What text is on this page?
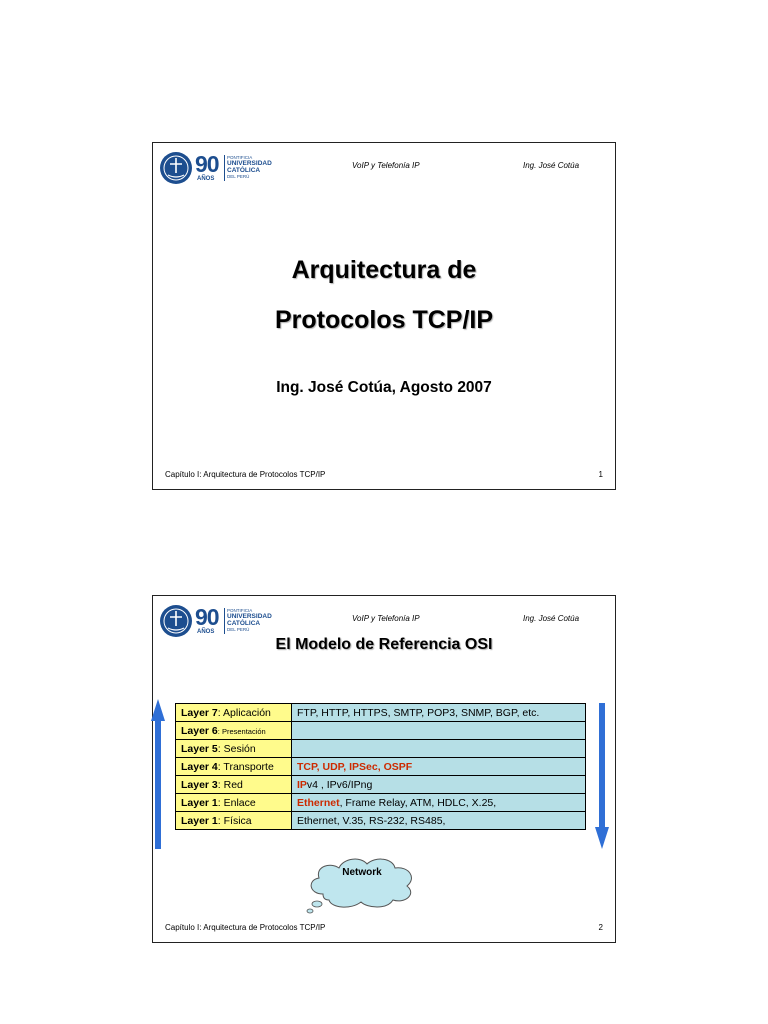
90
AÑOS
PONTIFICIA
UNIVERSIDAD
CATÓLICA
DEL PERÚ
VoIP y Telefonía IP	Ing. José Cotúa
Arquitectura de
Protocolos TCP/IP
Ing. José Cotúa, Agosto 2007
Capítulo I: Arquitectura de Protocolos TCP/IP	1
90
AÑOS
PONTIFICIA
UNIVERSIDAD
CATÓLICA
DEL PERÚ
VoIP y Telefonía IP	Ing. José Cotúa
El Modelo de Referencia OSI
Layer 7: Aplicación	FTP, HTTP, HTTPS, SMTP, POP3, SNMP, BGP, etc.
Layer 6: Presentación	
Layer 5: Sesión	
Layer 4: Transporte	TCP, UDP, IPSec, OSPF
Layer 3: Red	IPv4 , IPv6/IPng
Layer 1: Enlace	Ethernet, Frame Relay, ATM, HDLC, X.25,
Layer 1: Física	Ethernet, V.35, RS-232, RS485,
Network
Capítulo I: Arquitectura de Protocolos TCP/IP	2
